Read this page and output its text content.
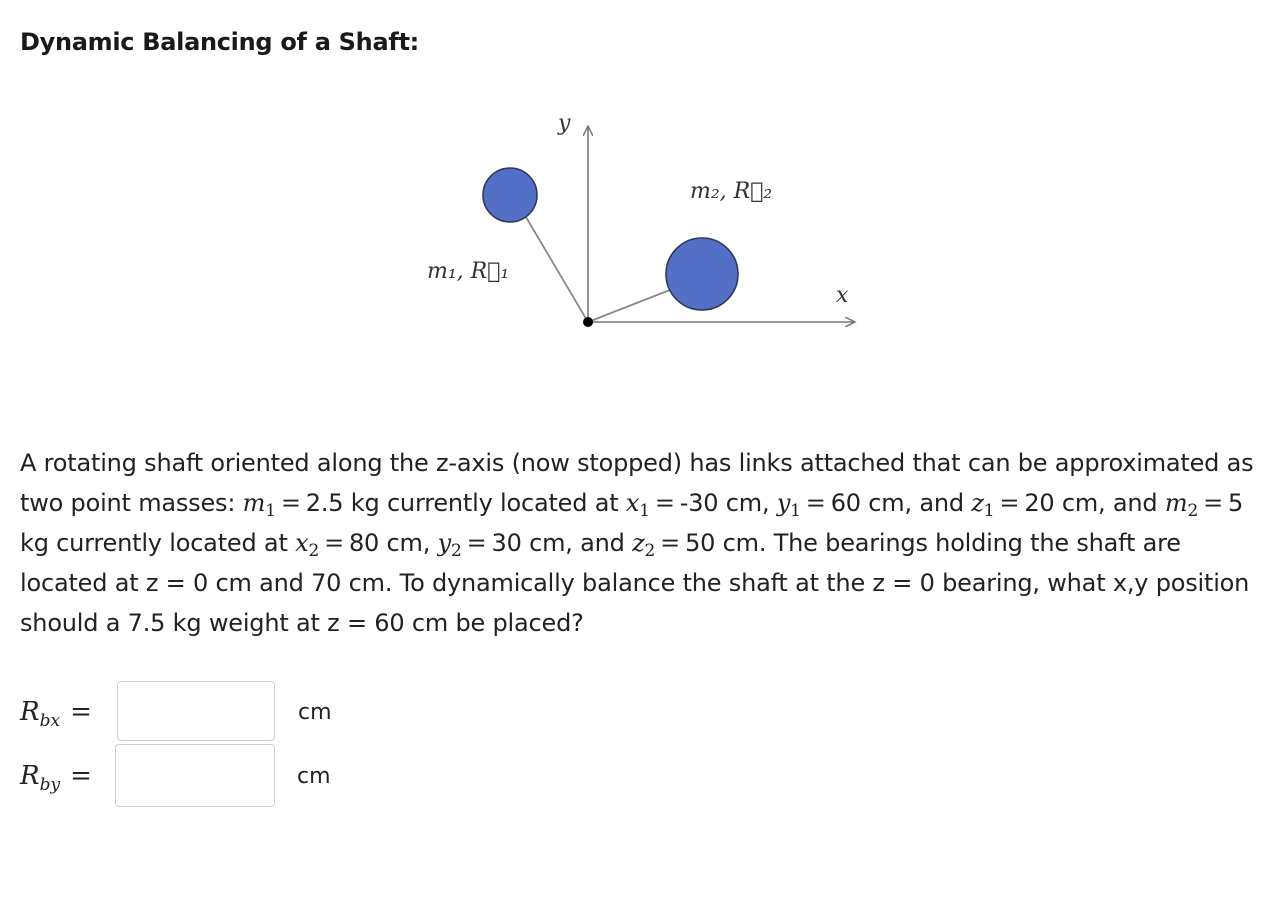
Dynamic Balancing of a Shaft:
y
x
m₁, R⃗₁
m₂, R⃗₂
A rotating shaft oriented along the z-axis (now stopped) has links attached that can be approximated as two point masses: $m_1 = 2.5$ kg currently located at $x_1 = -30$ cm, $y_1 = 60$ cm, and $z_1 = 20$ cm, and $m_2 = 5$ kg currently located at $x_2 = 80$ cm, $y_2 = 30$ cm, and $z_2 = 50$ cm. The bearings holding the shaft are located at z = 0 cm and 70 cm. To dynamically balance the shaft at the z = 0 bearing, what x,y position should a 7.5 kg weight at z = 60 cm be placed?
$R_{bx}$ =	cm
$R_{by}$ =	cm
